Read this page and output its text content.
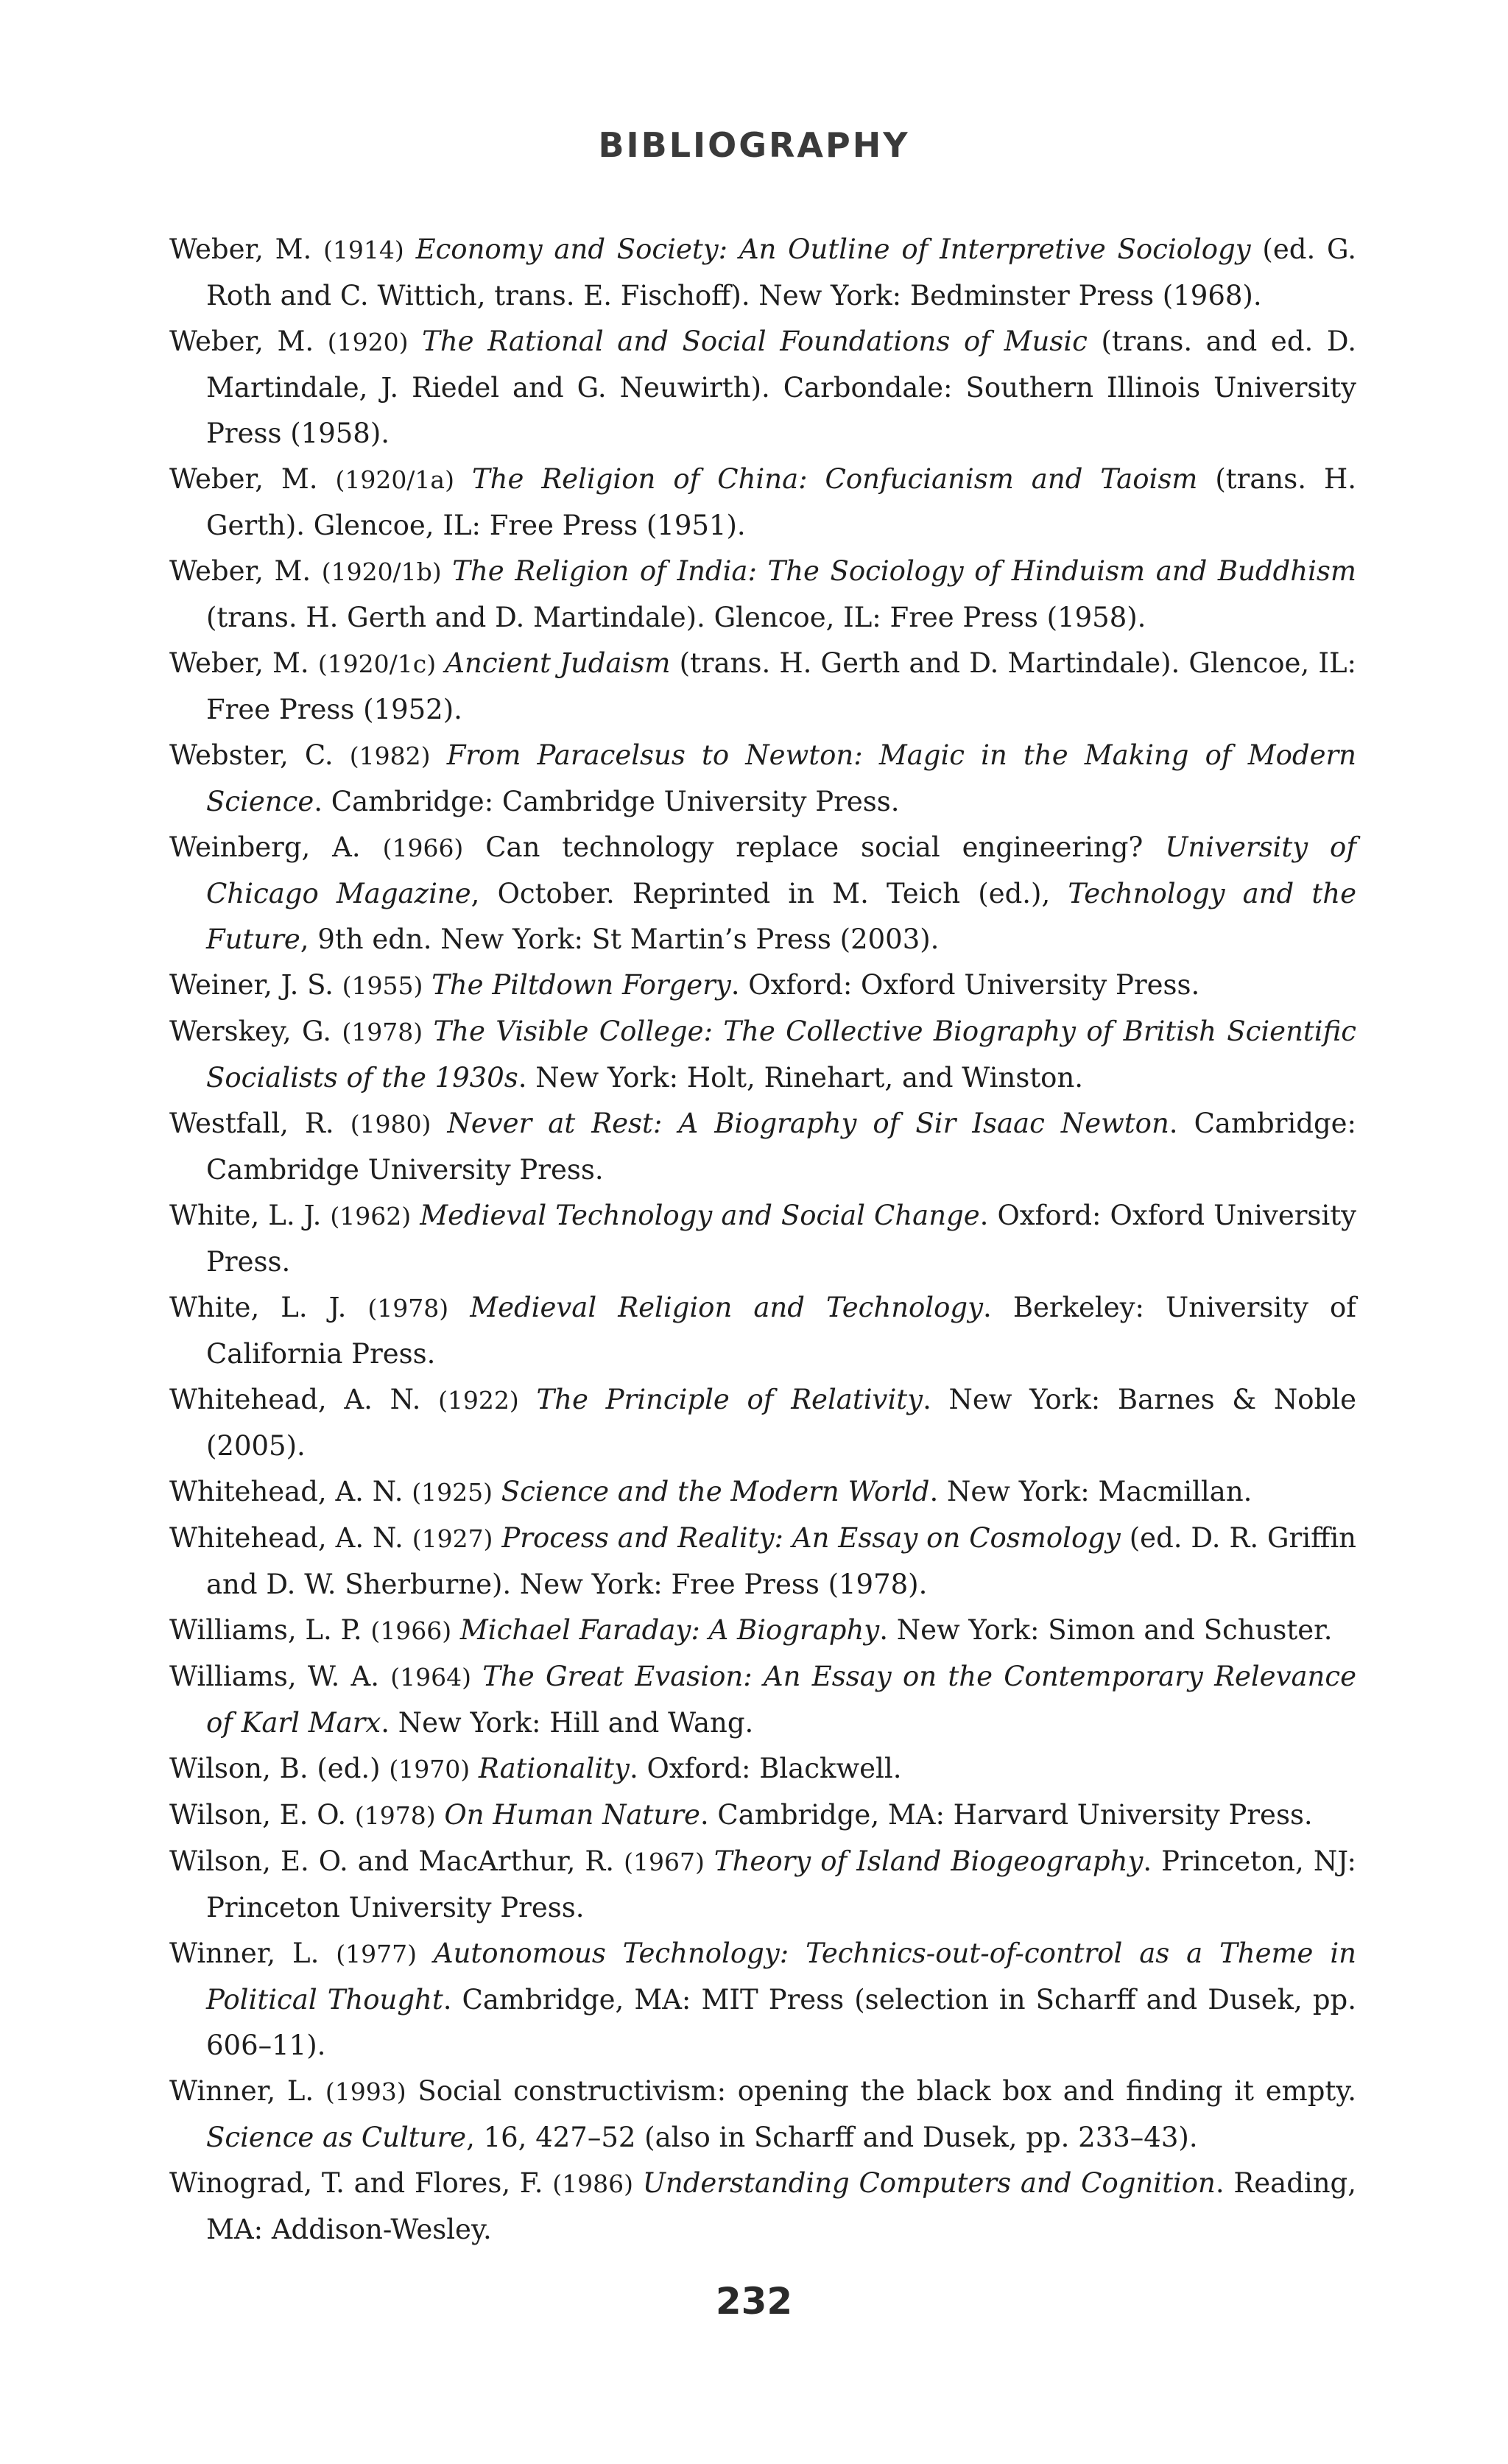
BIBLIOGRAPHY

Weber, M. (1914) Economy and Society: An Outline of Interpretive Sociology (ed. G. Roth and C. Wittich, trans. E. Fischoff). New York: Bedminster Press (1968).

Weber, M. (1920) The Rational and Social Foundations of Music (trans. and ed. D. Martindale, J. Riedel and G. Neuwirth). Carbondale: Southern Illinois University Press (1958).

Weber, M. (1920/1a) The Religion of China: Confucianism and Taoism (trans. H. Gerth). Glencoe, IL: Free Press (1951).

Weber, M. (1920/1b) The Religion of India: The Sociology of Hinduism and Buddhism (trans. H. Gerth and D. Martindale). Glencoe, IL: Free Press (1958).

Weber, M. (1920/1c) Ancient Judaism (trans. H. Gerth and D. Martindale). Glencoe, IL: Free Press (1952).

Webster, C. (1982) From Paracelsus to Newton: Magic in the Making of Modern Science. Cambridge: Cambridge University Press.

Weinberg, A. (1966) Can technology replace social engineering? University of Chicago Magazine, October. Reprinted in M. Teich (ed.), Technology and the Future, 9th edn. New York: St Martin’s Press (2003).

Weiner, J. S. (1955) The Piltdown Forgery. Oxford: Oxford University Press.

Werskey, G. (1978) The Visible College: The Collective Biography of British Scientific Socialists of the 1930s. New York: Holt, Rinehart, and Winston.

Westfall, R. (1980) Never at Rest: A Biography of Sir Isaac Newton. Cambridge: Cambridge University Press.

White, L. J. (1962) Medieval Technology and Social Change. Oxford: Oxford University Press.

White, L. J. (1978) Medieval Religion and Technology. Berkeley: University of California Press.

Whitehead, A. N. (1922) The Principle of Relativity. New York: Barnes & Noble (2005).

Whitehead, A. N. (1925) Science and the Modern World. New York: Macmillan.

Whitehead, A. N. (1927) Process and Reality: An Essay on Cosmology (ed. D. R. Griffin and D. W. Sherburne). New York: Free Press (1978).

Williams, L. P. (1966) Michael Faraday: A Biography. New York: Simon and Schuster.

Williams, W. A. (1964) The Great Evasion: An Essay on the Contemporary Relevance of Karl Marx. New York: Hill and Wang.

Wilson, B. (ed.) (1970) Rationality. Oxford: Blackwell.

Wilson, E. O. (1978) On Human Nature. Cambridge, MA: Harvard University Press.

Wilson, E. O. and MacArthur, R. (1967) Theory of Island Biogeography. Princeton, NJ: Princeton University Press.

Winner, L. (1977) Autonomous Technology: Technics-out-of-control as a Theme in Political Thought. Cambridge, MA: MIT Press (selection in Scharff and Dusek, pp. 606–11).

Winner, L. (1993) Social constructivism: opening the black box and finding it empty. Science as Culture, 16, 427–52 (also in Scharff and Dusek, pp. 233–43).

Winograd, T. and Flores, F. (1986) Understanding Computers and Cognition. Reading, MA: Addison-Wesley.

232
